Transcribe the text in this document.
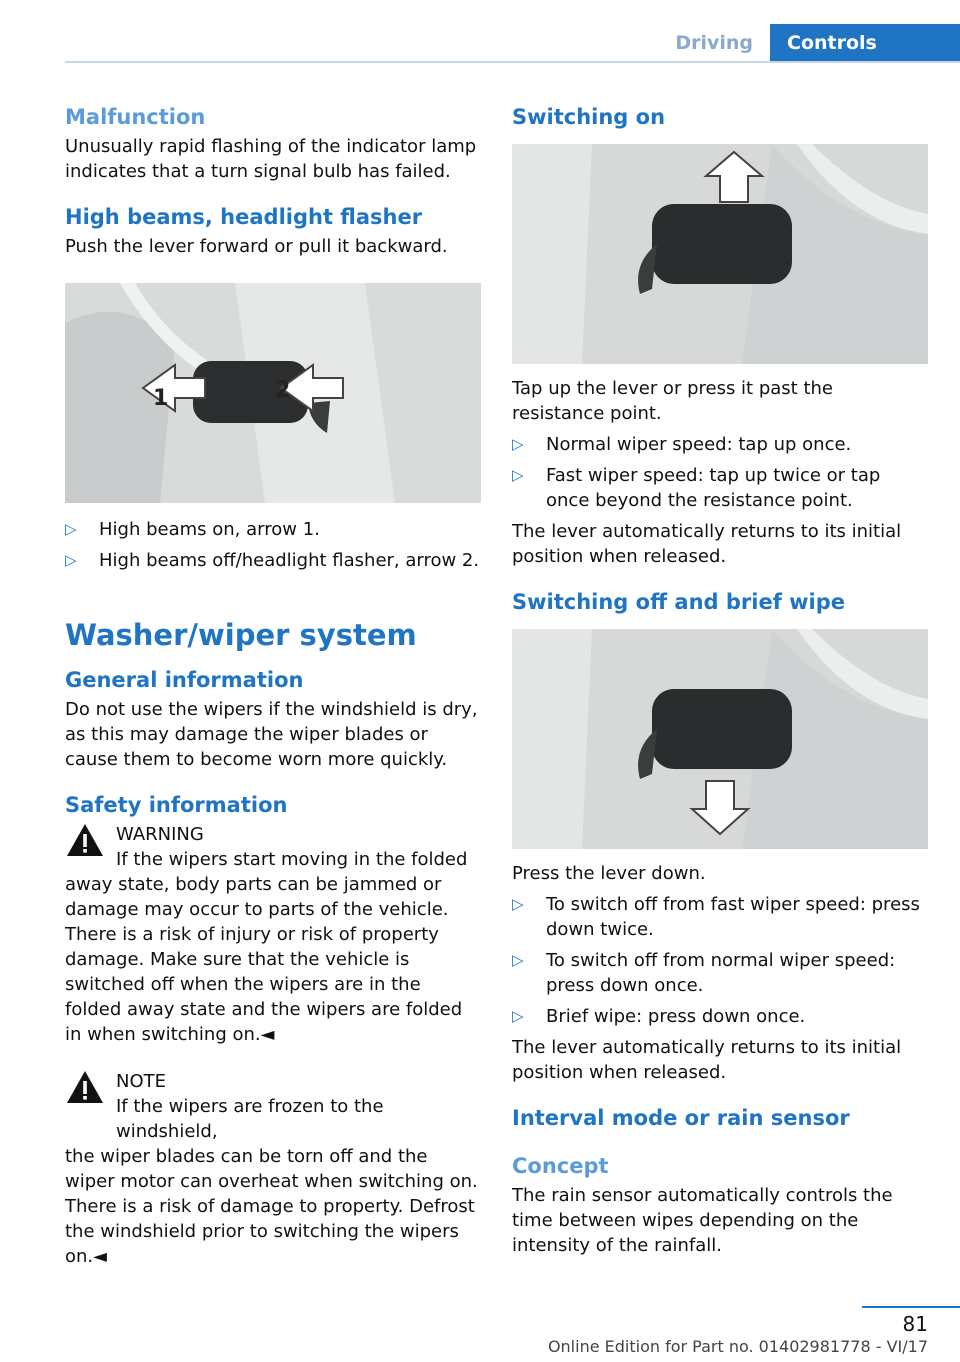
Driving	Controls
Malfunction

Unusually rapid flashing of the indicator lamp indicates that a turn signal bulb has failed.

High beams, headlight flasher

Push the lever forward or pull it backward.

1	2
▷ High beams on, arrow 1.
▷ High beams off/headlight flasher, arrow 2.
Washer/wiper system
General information

Do not use the wipers if the windshield is dry, as this may damage the wiper blades or cause them to become worn more quickly.

Safety information
WARNING
If the wipers start moving in the folded

away state, body parts can be jammed or damage may occur to parts of the vehicle. There is a risk of injury or risk of property damage. Make sure that the vehicle is switched off when the wipers are in the folded away state and the wipers are folded in when switching on.◄

NOTE
If the wipers are frozen to the windshield,

the wiper blades can be torn off and the wiper motor can overheat when switching on. There is a risk of damage to property. Defrost the windshield prior to switching the wipers on.◄

Switching on

Tap up the lever or press it past the resistance point.

▷ Normal wiper speed: tap up once.
▷ Fast wiper speed: tap up twice or tap once beyond the resistance point.

The lever automatically returns to its initial position when released.

Switching off and brief wipe

Press the lever down.

▷ To switch off from fast wiper speed: press down twice.
▷ To switch off from normal wiper speed: press down once.
▷ Brief wipe: press down once.

The lever automatically returns to its initial position when released.

Interval mode or rain sensor
Concept

The rain sensor automatically controls the time between wipes depending on the intensity of the rainfall.

81
Online Edition for Part no. 01402981778 - VI/17
